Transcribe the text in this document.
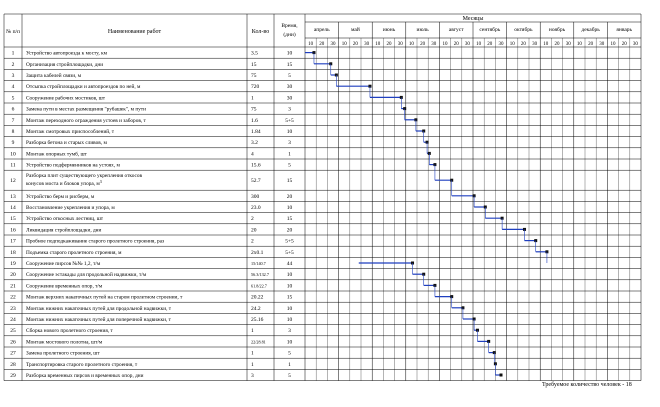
№ п/п	Наименование работ	Кол-во
Время,
(дни)
Месяцы
апрель
10 20 30
май
10 20 30
июнь
10 20 30
июль
10 20 30
август
10 20 30
сентябрь
10 20 30
октябрь
10 20 30
ноябрь
10 20 30
декабрь
10 20 30
январь
10 20 30
1 Устройство автопроезда к мосту, км	3.5	10
2 Организация стройплощадки, дни	15	15
3 Защита кабелей связи, м	75	5
4 Отсыпка стройплощадки и автопроездов по ней, м	720	30
5 Сооружение рабочих мостиков, шт	1	30
6 Замена пути в местах размещения "рубашек", м пути	75	3
7 Монтаж переходного ограждения устоев и заборов, т	1.6	5+5
8 Монтаж смотровых приспособлений, т	1.84	10
9 Разборка бетона и старых сливов, м	3.2	3
10 Монтаж опорных тумб, шт	4	1
11 Устройство подферменников на устоях, м	15.6	5
12
Разборка плит существующего укрепления откосов
конусов моста и блоков упора, $м^3$	52.7	15
13 Устройство берм и рисберм, м	300	20
14 Восстановление укрепления и упора, м	23.0	10
15 Устройство откосных лестниц, шт	2	15
16 Ликвидация стройплощадки, дни	20	20
17 Пробное подподкаживание старого пролетного строения, раз	2	5+5
18 Подъемка старого пролетного строения, м	2х0.1	5+5
19 Сооружение пирсов №№ 1,2, т/м	15/140.7	44
20 Сооружение эстакады для продольной надвижки, т/м	56.3/132.7	10
21 Сооружение временных опор, т/м	61.8/22.7	10
22 Монтаж верхних накаточных путей на старом пролетном строении, т	20.22	15
23 Монтаж нижних накаточных путей для продольной надвижки, т	24.2	10
24 Монтаж нижних накаточных путей для поперечной надвижки, т	25.16	10
25 Сборка нового пролетного строения, т	1	3
26 Монтаж мостового полотна, шт/м	22/28.81	10
27 Замена пролетного строения, шт	1	5
28 Транспортировка старого пролетного строения, т	1	1
29 Разборка временных пирсов и временных опор, дни	3	5
Требуемое количество человек - 18
